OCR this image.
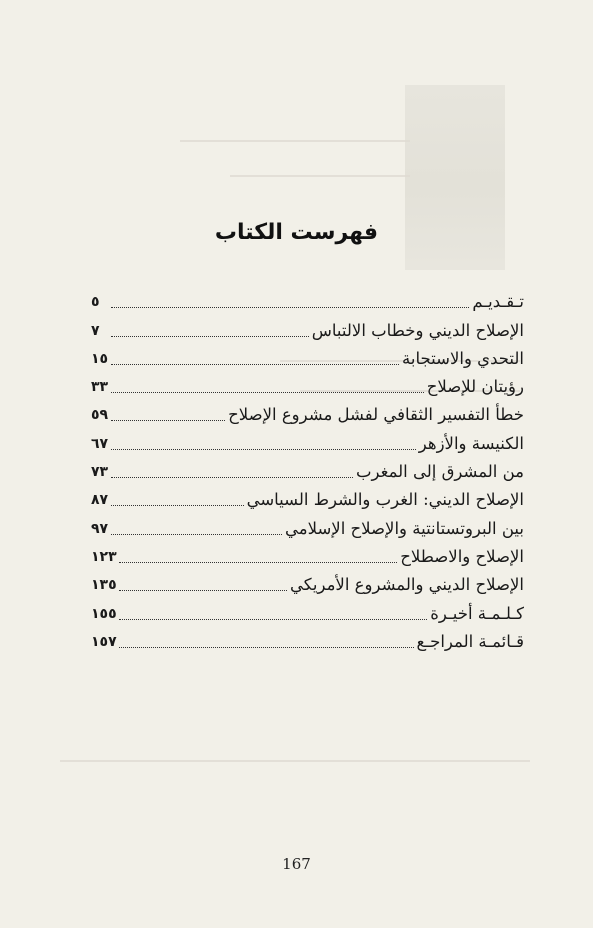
فهرست الكتاب
تـقـديـم
٥
الإصلاح الديني وخطاب الالتباس
٧
التحدي والاستجابة
١٥
رؤيتان للإصلاح
٣٣
خطأ التفسير الثقافي لفشل مشروع الإصلاح
٥٩
الكنيسة والأزهر
٦٧
من المشرق إلى المغرب
٧٣
الإصلاح الديني: الغرب والشرط السياسي
٨٧
بين البروتستانتية والإصلاح الإسلامي
٩٧
الإصلاح والاصطلاح
١٢٣
الإصلاح الديني والمشروع الأمريكي
١٣٥
كـلـمـة أخيـرة
١٥٥
قـائمـة المراجـع
١٥٧
167
